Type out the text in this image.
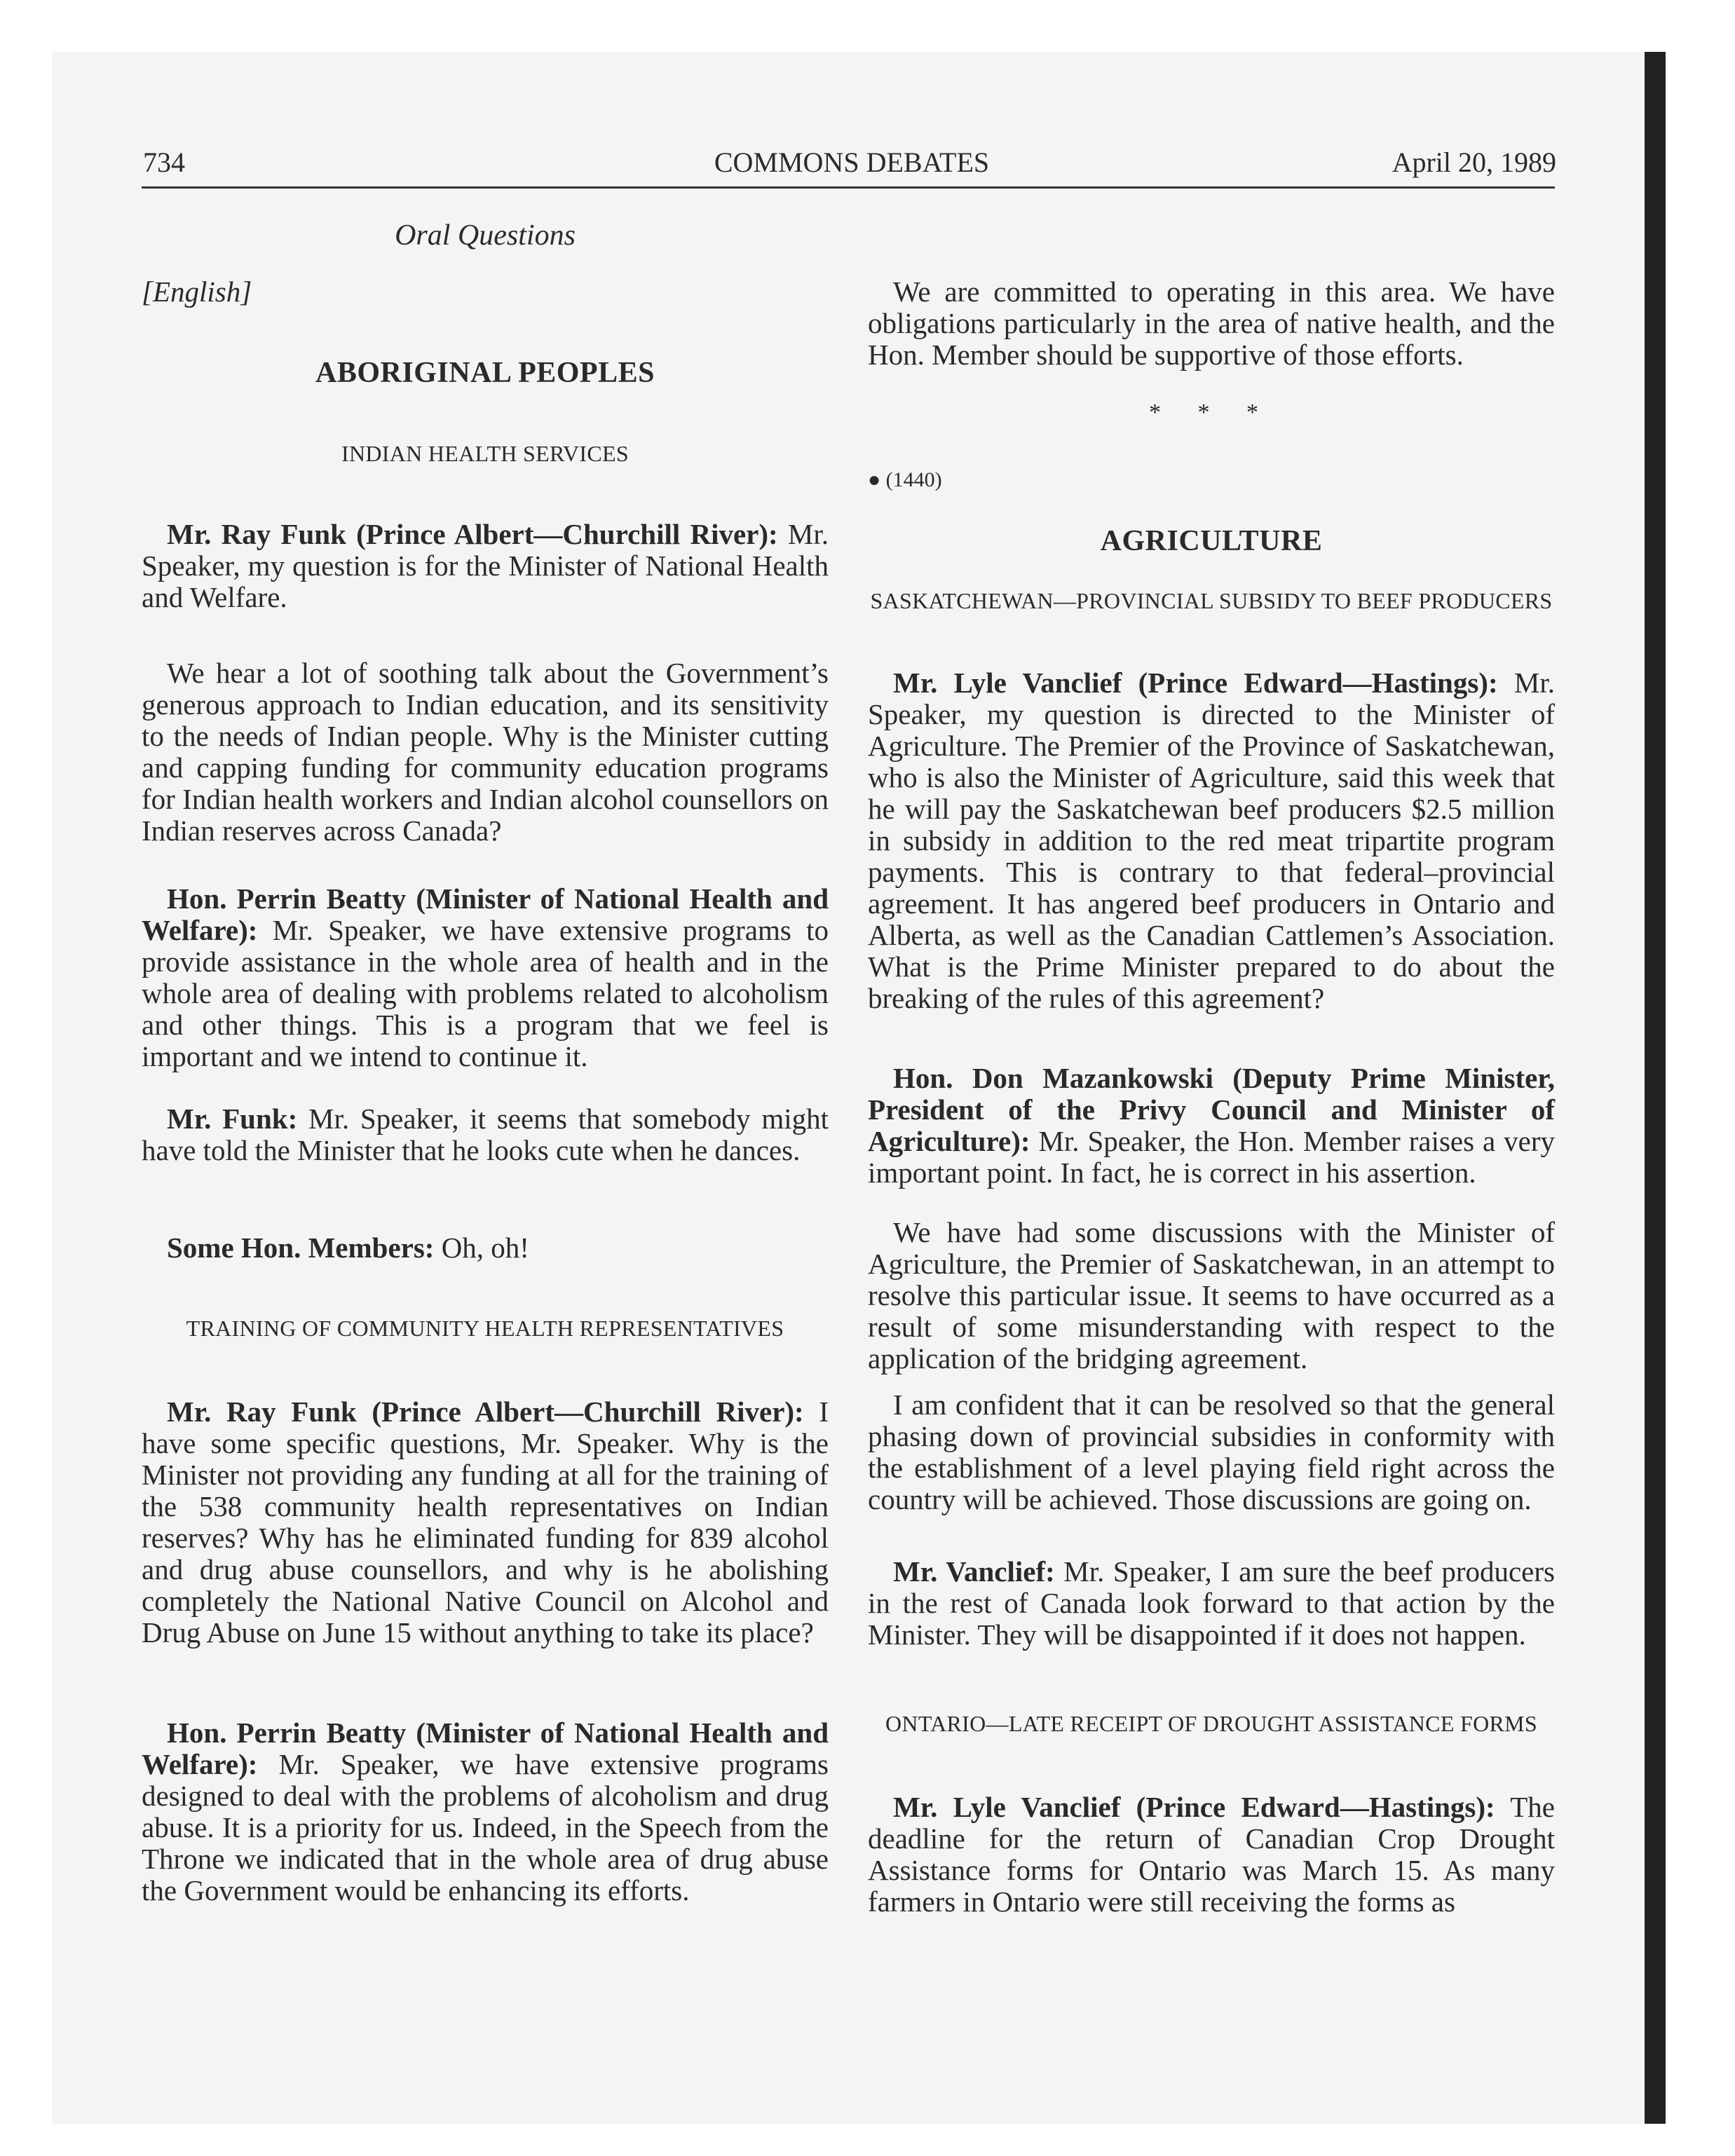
734	COMMONS DEBATES	April 20, 1989
Oral Questions
[English]
ABORIGINAL PEOPLES
INDIAN HEALTH SERVICES

Mr. Ray Funk (Prince Albert—Churchill River): Mr. Speaker, my question is for the Minister of National Health and Welfare.

We hear a lot of soothing talk about the Government’s generous approach to Indian education, and its sensitivity to the needs of Indian people. Why is the Minister cutting and capping funding for community education programs for Indian health workers and Indian alcohol counsellors on Indian reserves across Canada?

Hon. Perrin Beatty (Minister of National Health and Welfare): Mr. Speaker, we have extensive programs to provide assistance in the whole area of health and in the whole area of dealing with problems related to alcoholism and other things. This is a program that we feel is important and we intend to continue it.

Mr. Funk: Mr. Speaker, it seems that somebody might have told the Minister that he looks cute when he dances.

Some Hon. Members: Oh, oh!

TRAINING OF COMMUNITY HEALTH REPRESENTATIVES

Mr. Ray Funk (Prince Albert—Churchill River): I have some specific questions, Mr. Speaker. Why is the Minister not providing any funding at all for the training of the 538 community health representatives on Indian reserves? Why has he eliminated funding for 839 alcohol and drug abuse counsellors, and why is he abolishing completely the National Native Council on Alcohol and Drug Abuse on June 15 without anything to take its place?

Hon. Perrin Beatty (Minister of National Health and Welfare): Mr. Speaker, we have extensive programs designed to deal with the problems of alcoholism and drug abuse. It is a priority for us. Indeed, in the Speech from the Throne we indicated that in the whole area of drug abuse the Government would be enhancing its efforts.

We are committed to operating in this area. We have obligations particularly in the area of native health, and the Hon. Member should be supportive of those efforts.

* * *
● (1440)
AGRICULTURE
SASKATCHEWAN—PROVINCIAL SUBSIDY TO BEEF PRODUCERS

Mr. Lyle Vanclief (Prince Edward—Hastings): Mr. Speaker, my question is directed to the Minister of Agriculture. The Premier of the Province of Saskatchewan, who is also the Minister of Agriculture, said this week that he will pay the Saskatchewan beef producers $2.5 million in subsidy in addition to the red meat tripartite program payments. This is contrary to that federal–provincial agreement. It has angered beef producers in Ontario and Alberta, as well as the Canadian Cattlemen’s Association. What is the Prime Minister prepared to do about the breaking of the rules of this agreement?

Hon. Don Mazankowski (Deputy Prime Minister, President of the Privy Council and Minister of Agriculture): Mr. Speaker, the Hon. Member raises a very important point. In fact, he is correct in his assertion.

We have had some discussions with the Minister of Agriculture, the Premier of Saskatchewan, in an attempt to resolve this particular issue. It seems to have occurred as a result of some misunderstanding with respect to the application of the bridging agreement.

I am confident that it can be resolved so that the general phasing down of provincial subsidies in conformity with the establishment of a level playing field right across the country will be achieved. Those discussions are going on.

Mr. Vanclief: Mr. Speaker, I am sure the beef producers in the rest of Canada look forward to that action by the Minister. They will be disappointed if it does not happen.

ONTARIO—LATE RECEIPT OF DROUGHT ASSISTANCE FORMS

Mr. Lyle Vanclief (Prince Edward—Hastings): The deadline for the return of Canadian Crop Drought Assistance forms for Ontario was March 15. As many farmers in Ontario were still receiving the forms as
